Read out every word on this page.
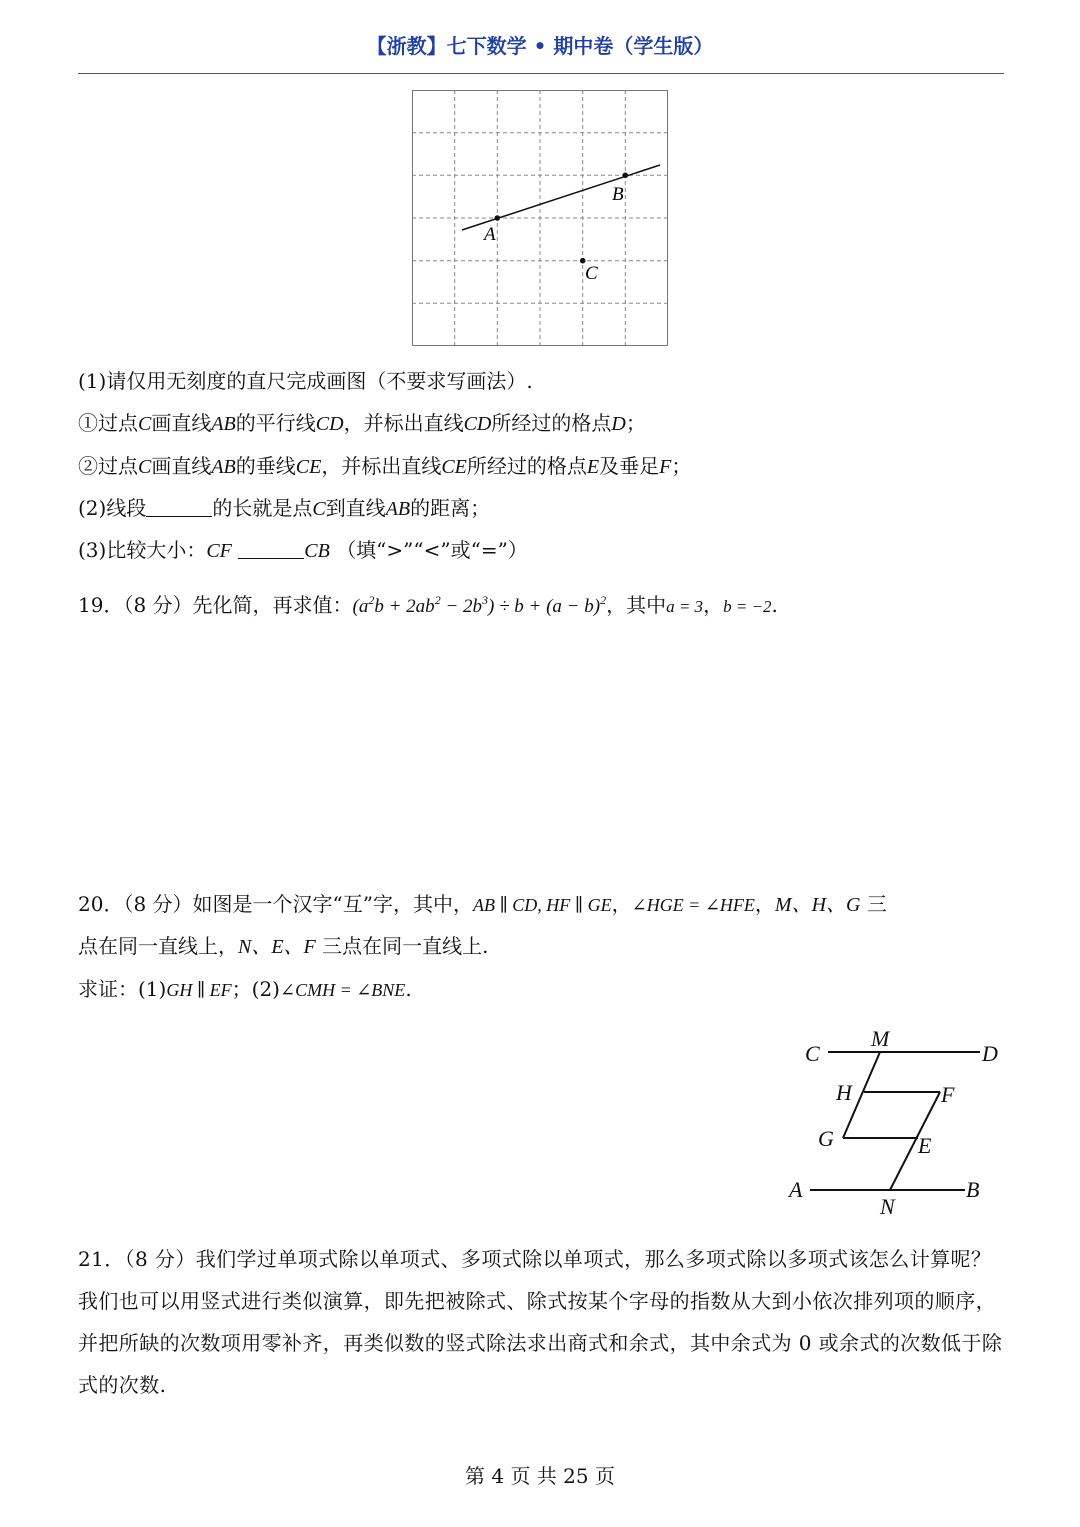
【浙教】七下数学 • 期中卷（学生版）
A
B
C
(1)请仅用无刻度的直尺完成画图（不要求写画法）.
①过点C画直线AB的平行线CD，并标出直线CD所经过的格点D；
②过点C画直线AB的垂线CE，并标出直线CE所经过的格点E及垂足F；
(2)线段	的长就是点C到直线AB的距离；
(3)比较大小：CF	CB （填“>”“<”或“=”）
19．（8 分）先化简，再求值：$(a^2b + 2ab^2 - 2b^3) \div b + (a - b)^2$，其中a = 3，b = −2.
20．（8 分）如图是一个汉字“互”字，其中，AB ∥ CD, HF ∥ GE，∠HGE = ∠HFE，M、H、G 三
点在同一直线上，N、E、F 三点在同一直线上.
求证：(1)GH ∥ EF；(2)∠CMH = ∠BNE.
C
M
D
H	F
G	E
A
N
B
21．（8 分）我们学过单项式除以单项式、多项式除以单项式，那么多项式除以多项式该怎么计算呢？我们也可以用竖式进行类似演算，即先把被除式、除式按某个字母的指数从大到小依次排列项的顺序，并把所缺的次数项用零补齐，再类似数的竖式除法求出商式和余式，其中余式为 0 或余式的次数低于除式的次数.
第 4 页 共 25 页
